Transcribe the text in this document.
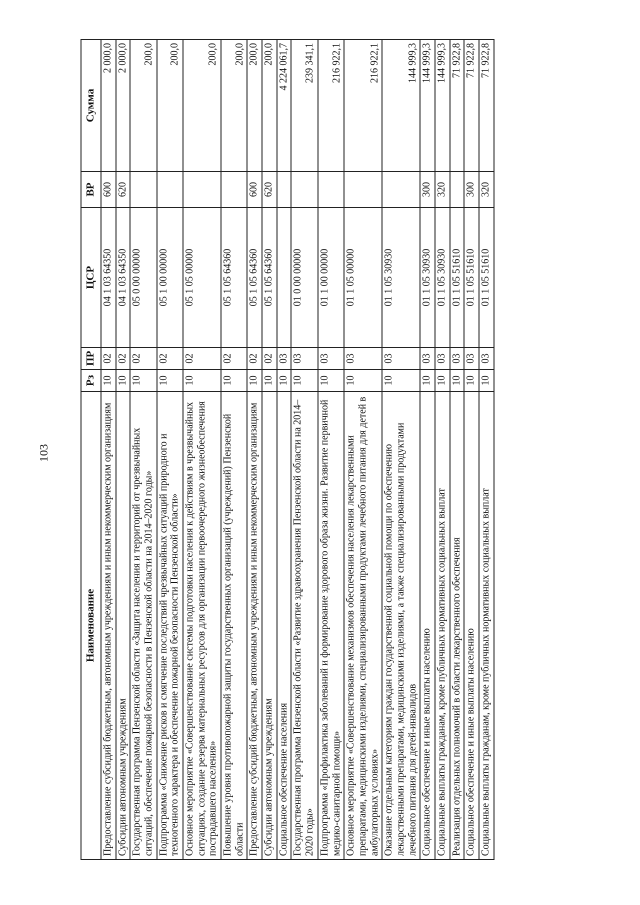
103
Наименование	Рз	ПР	ЦСР	ВР	Сумма
Предоставление субсидий бюджетным, автономным учреждениям и иным некоммерческим организациям	10	02	04 1 03 64350	600	2 000,0
Субсидии автономным учреждениям	10	02	04 1 03 64350	620	2 000,0
Государственная программа Пензенской области «Защита населения и территорий от чрезвычайных ситуаций, обеспечение пожарной безопасности в Пензенской области на 2014–2020 годы»	10	02	05 0 00 00000		200,0
Подпрограмма «Снижение рисков и смягчение последствий чрезвычайных ситуаций природного и техногенного характера и обеспечение пожарной безопасности Пензенской области»	10	02	05 1 00 00000		200,0
Основное мероприятие «Совершенствование системы подготовки населения к действиям в чрезвычайных ситуациях, создание резерва материальных ресурсов для организации первоочередного жизнеобеспечения пострадавшего населения»	10	02	05 1 05 00000		200,0
Повышение уровня противопожарной защиты государственных организаций (учреждений) Пензенской области	10	02	05 1 05 64360		200,0
Предоставление субсидий бюджетным, автономным учреждениям и иным некоммерческим организациям	10	02	05 1 05 64360	600	200,0
Субсидии автономным учреждениям	10	02	05 1 05 64360	620	200,0
Социальное обеспечение населения	10	03			4 224 061,7
Государственная программа Пензенской области «Развитие здравоохранения Пензенской области на 2014–2020 годы»	10	03	01 0 00 00000		239 341,1
Подпрограмма «Профилактика заболеваний и формирование здорового образа жизни. Развитие первичной медико-санитарной помощи»	10	03	01 1 00 00000		216 922,1
Основное мероприятие «Совершенствование механизмов обеспечения населения лекарственными препаратами, медицинскими изделиями, специализированными продуктами лечебного питания для детей в амбулаторных условиях»	10	03	01 1 05 00000		216 922,1
Оказание отдельным категориям граждан государственной социальной помощи по обеспечению лекарственными препаратами, медицинскими изделиями, а также специализированными продуктами лечебного питания для детей-инвалидов	10	03	01 1 05 30930		144 999,3
Социальное обеспечение и иные выплаты населению	10	03	01 1 05 30930	300	144 999,3
Социальные выплаты гражданам, кроме публичных нормативных социальных выплат	10	03	01 1 05 30930	320	144 999,3
Реализация отдельных полномочий в области лекарственного обеспечения	10	03	01 1 05 51610		71 922,8
Социальное обеспечение и иные выплаты населению	10	03	01 1 05 51610	300	71 922,8
Социальные выплаты гражданам, кроме публичных нормативных социальных выплат	10	03	01 1 05 51610	320	71 922,8
